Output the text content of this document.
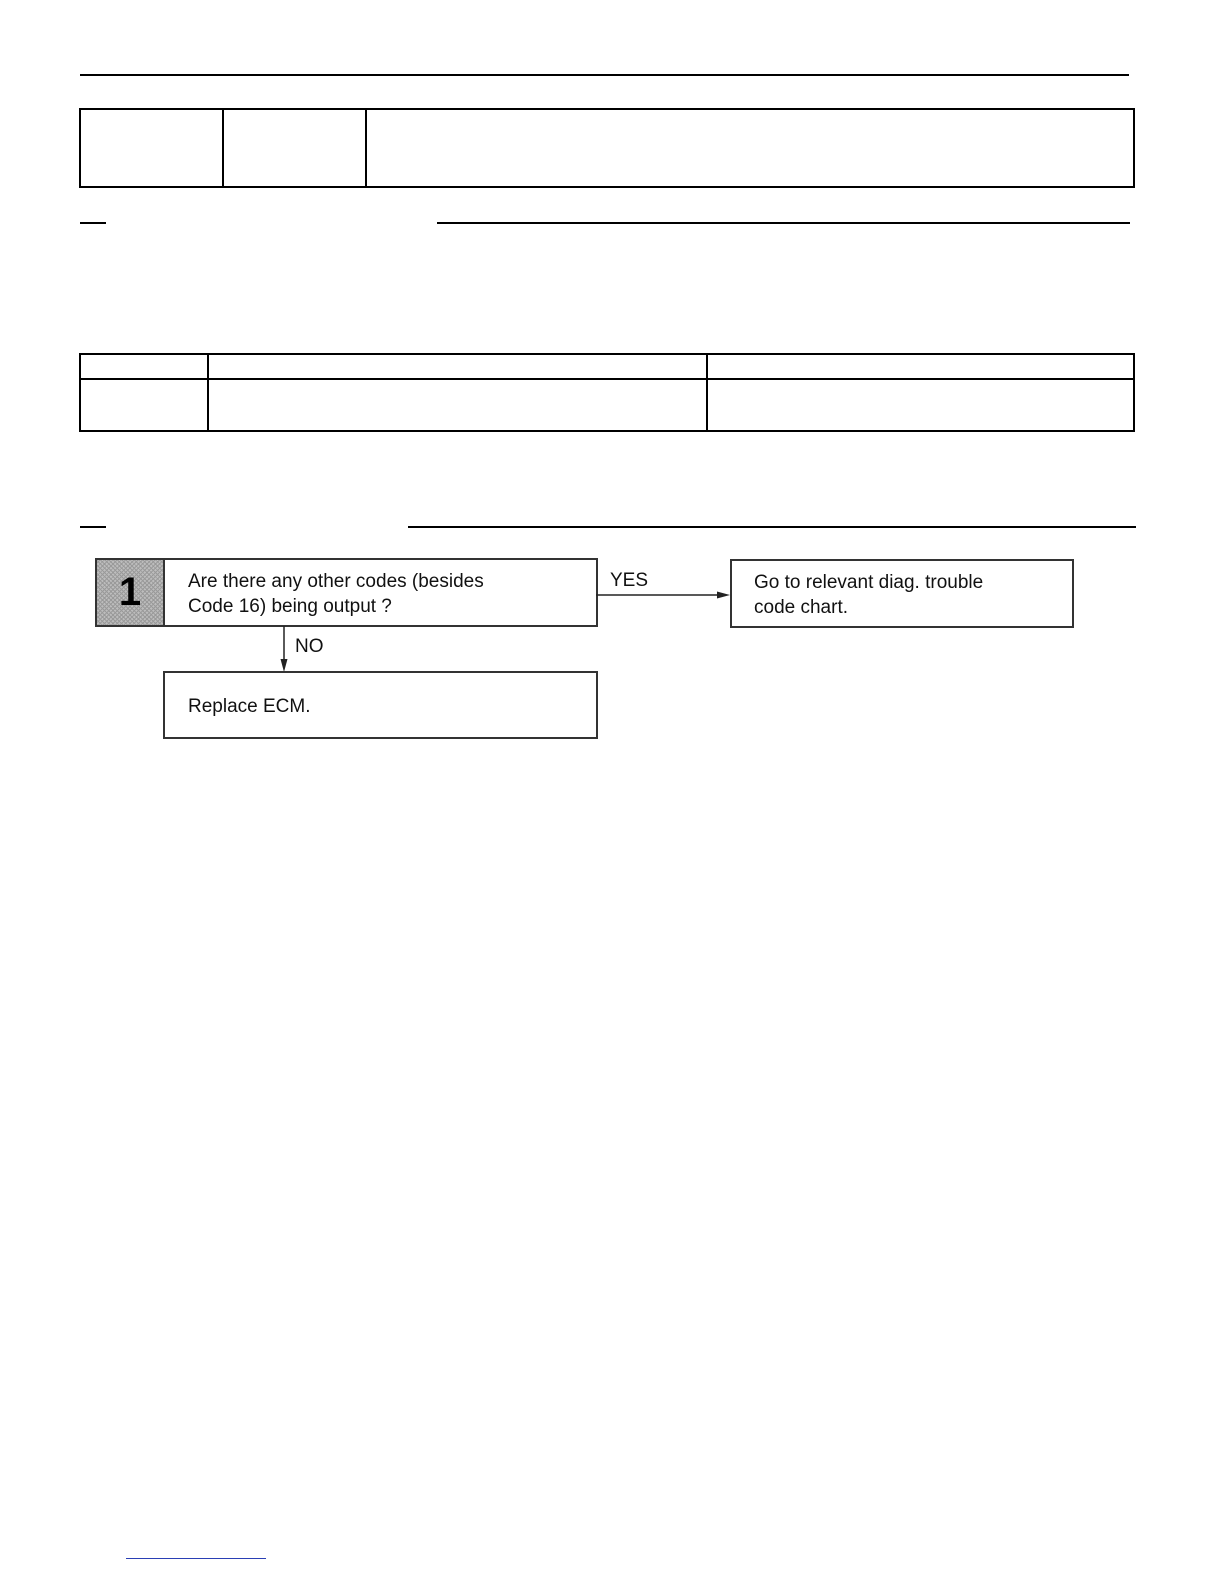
1	Are there any other codes (besides
Code 16) being output ?
YES	Go to relevant diag. trouble
code chart.
NO
Replace ECM.
